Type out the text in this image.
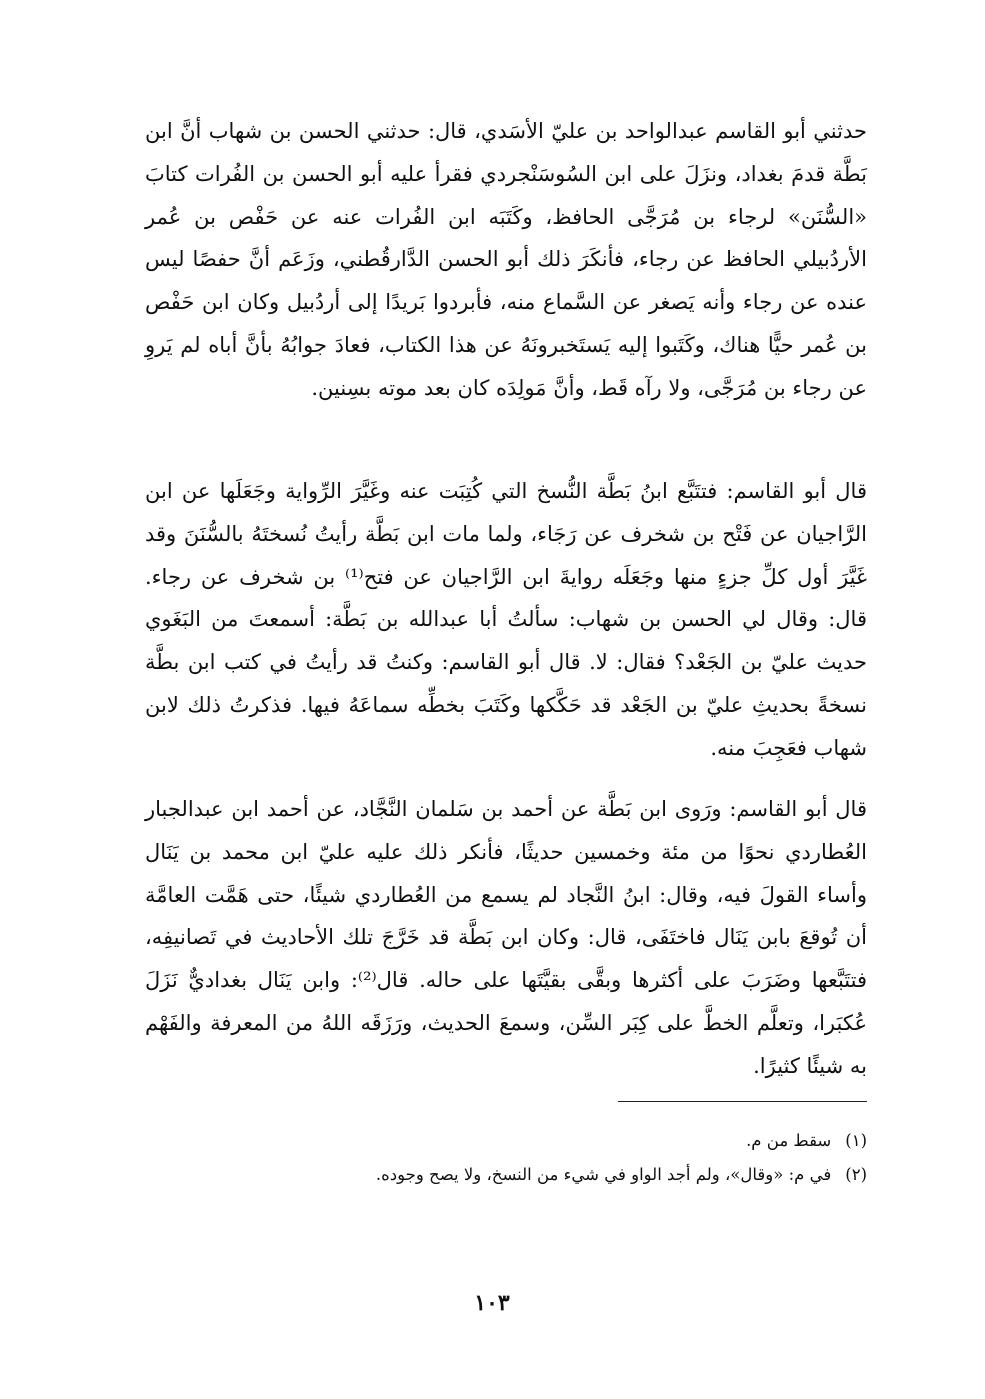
حدثني أبو القاسم عبدالواحد بن عليّ الأسَدي، قال: حدثني الحسن بن شهاب أنَّ ابن بَطَّة قدمَ بغداد، ونزَلَ على ابن السُوسَنْجردي فقرأ عليه أبو الحسن بن الفُرات كتابَ «السُّنَن» لرجاء بن مُرَجَّى الحافظ، وكَتَبَه ابن الفُرات عنه عن حَفْص بن عُمر الأردُبيلي الحافظ عن رجاء، فأنكَرَ ذلك أبو الحسن الدَّارقُطني، وزَعَم أنَّ حفصًا ليس عنده عن رجاء وأنه يَصغر عن السَّماع منه، فأبردوا بَريدًا إلى أردُبيل وكان ابن حَفْص بن عُمر حيًّا هناك، وكَتَبوا إليه يَستَخبرونَهُ عن هذا الكتاب، فعادَ جوابُهُ بأنَّ أباه لم يَروِ عن رجاء بن مُرَجَّى، ولا رآه قَط، وأنَّ مَولِدَه كان بعد موته بسِنين.

قال أبو القاسم: فتتَبَّع ابنُ بَطَّة النُّسخ التي كُتِبَت عنه وغَيَّرَ الرِّواية وجَعَلَها عن ابن الرَّاجيان عن فَتْح بن شخرف عن رَجَاء، ولما مات ابن بَطَّة رأيتُ نُسختَهُ بالسُّنَنَ وقد غَيَّرَ أول كلِّ جزءٍ منها وجَعَلَه روايةَ ابن الرَّاجيان عن فتح⁽¹⁾ بن شخرف عن رجاء. قال: وقال لي الحسن بن شهاب: سألتُ أبا عبدالله بن بَطَّة: أسمعتَ من البَغَوي حديث عليّ بن الجَعْد؟ فقال: لا. قال أبو القاسم: وكنتُ قد رأيتُ في كتب ابن بطَّة نسخةً بحديثِ عليّ بن الجَعْد قد حَكَّكها وكَتَبَ بخطِّه سماعَهُ فيها. فذكرتُ ذلك لابن شهاب فعَجِبَ منه.

قال أبو القاسم: ورَوى ابن بَطَّة عن أحمد بن سَلمان النَّجَّاد، عن أحمد ابن عبدالجبار العُطاردي نحوًا من مئة وخمسين حديثًا، فأنكر ذلك عليه عليّ ابن محمد بن يَنَال وأساء القولَ فيه، وقال: ابنُ النَّجاد لم يسمع من العُطاردي شيئًا، حتى هَمَّت العامَّة أن تُوقعَ بابن يَنَال فاختَفَى، قال: وكان ابن بَطَّة قد خَرَّجَ تلك الأحاديث في تَصانيفِه، فتتَبَّعها وضَرَبَ على أكثرها وبقَّى بقيَّتَها على حاله. قال⁽²⁾: وابن يَنَال بغداديٌّ نَزَلَ عُكبَرا، وتعلَّم الخطَّ على كِبَر السِّن، وسمعَ الحديث، ورَزَقَه اللهُ من المعرفة والفَهْم به شيئًا كثيرًا.

(١)سقط من م.

(٢)في م: «وقال»، ولم أجد الواو في شيء من النسخ، ولا يصح وجوده.

١٠٣
